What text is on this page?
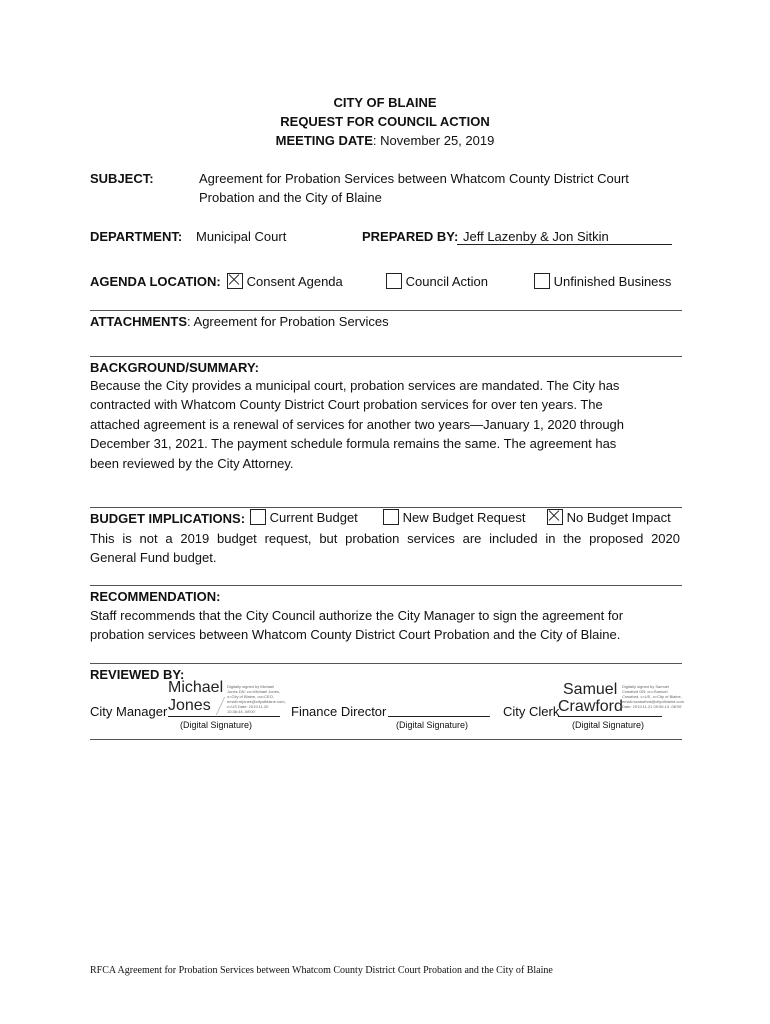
CITY OF BLAINE
REQUEST FOR COUNCIL ACTION
MEETING DATE: November 25, 2019
SUBJECT:	Agreement for Probation Services between Whatcom County District Court
Probation and the City of Blaine
DEPARTMENT: Municipal Court	PREPARED BY: Jeff Lazenby & Jon Sitkin
AGENDA LOCATION:	Consent Agenda	Council Action	Unfinished Business
ATTACHMENTS: Agreement for Probation Services
BACKGROUND/SUMMARY:
Because the City provides a municipal court, probation services are mandated. The City has
contracted with Whatcom County District Court probation services for over ten years. The
attached agreement is a renewal of services for another two years—January 1, 2020 through
December 31, 2021. The payment schedule formula remains the same. The agreement has
been reviewed by the City Attorney.
BUDGET IMPLICATIONS:	Current Budget	New Budget Request	No Budget Impact
This is not a 2019 budget request, but probation services are included in the proposed 2020
General Fund budget.
RECOMMENDATION:
Staff recommends that the City Council authorize the City Manager to sign the agreement for
probation services between Whatcom County District Court Probation and the City of Blaine.
REVIEWED BY:
City Manager
Michael
Jones
Digitally signed by Michael Jones DN: cn=Michael Jones, o=City of Blaine, ou=CEO, email=mjones@cityofblaine.com, c=US Date: 2019.11.20 10:36:44 -08'00'
(Digital Signature)
Finance Director
(Digital Signature)
City Clerk
Samuel
Crawford
Digitally signed by Samuel Crawford DN: cn=Samuel Crawford, c=US, o=City of Blaine, email=scrawford@cityofblaine.com Date: 2019.11.21 09:50:13 -08'00'
(Digital Signature)
RFCA Agreement for Probation Services between Whatcom County District Court Probation and the City of Blaine
